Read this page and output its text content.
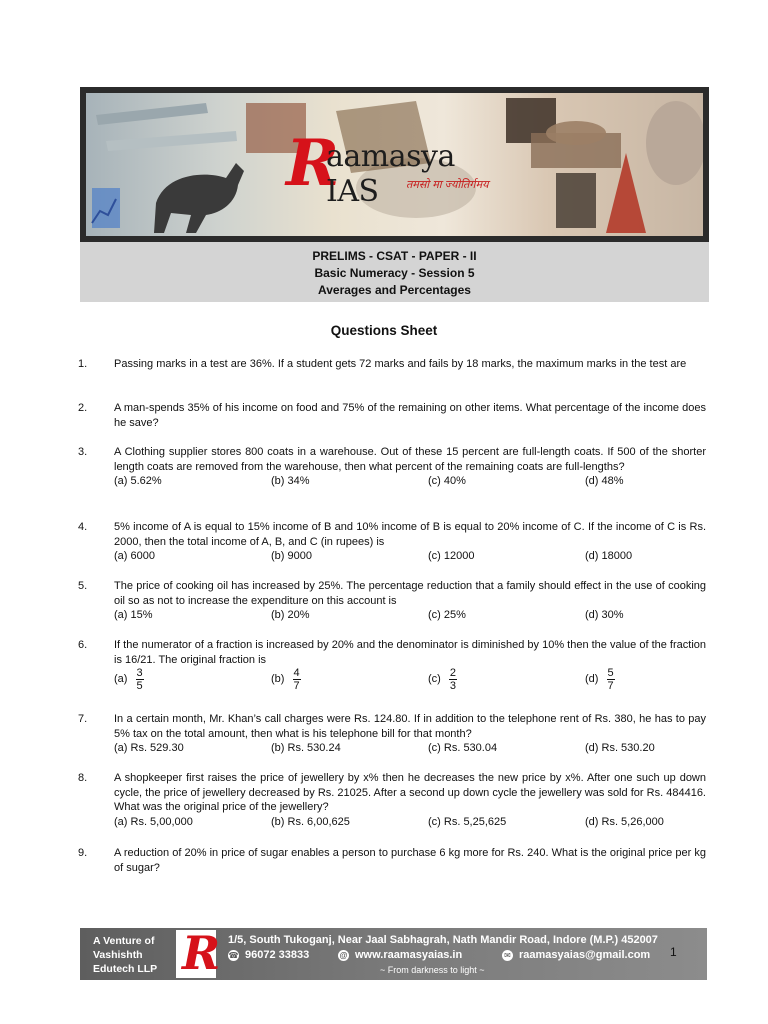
R
aamasya IAS	तमसो मा ज्योतिर्गमय
PRELIMS - CSAT - PAPER - II
Basic Numeracy - Session 5
Averages and Percentages
Questions Sheet
1. Passing marks in a test are 36%. If a student gets 72 marks and fails by 18 marks, the maximum marks in the test are
2. A man-spends 35% of his income on food and 75% of the remaining on other items. What percentage of the income does he save?
3. A Clothing supplier stores 800 coats in a warehouse. Out of these 15 percent are full-length coats. If 500 of the shorter length coats are removed from the warehouse, then what percent of the remaining coats are full-lengths?
(a) 5.62%	(b) 34%	(c) 40%	(d) 48%
4. 5% income of A is equal to 15% income of B and 10% income of B is equal to 20% income of C. If the income of C is Rs. 2000, then the total income of A, B, and C (in rupees) is
(a) 6000	(b) 9000	(c) 12000	(d) 18000
5. The price of cooking oil has increased by 25%. The percentage reduction that a family should effect in the use of cooking oil so as not to increase the expenditure on this account is
(a) 15%	(b) 20%	(c) 25%	(d) 30%
6. If the numerator of a fraction is increased by 20% and the denominator is diminished by 10% then the value of the fraction is 16/21. The original fraction is
$(a) \frac{3}{5}$	$(b) \frac{4}{7}$	$(c) \frac{2}{3}$	$(d) \frac{5}{7}$
7. In a certain month, Mr. Khan’s call charges were Rs. 124.80. If in addition to the telephone rent of Rs. 380, he has to pay 5% tax on the total amount, then what is his telephone bill for that month?
(a) Rs. 529.30	(b) Rs. 530.24	(c) Rs. 530.04	(d) Rs. 530.20
8. A shopkeeper first raises the price of jewellery by x% then he decreases the new price by x%. After one such up down cycle, the price of jewellery decreased by Rs. 21025. After a second up down cycle the jewellery was sold for Rs. 484416. What was the original price of the jewellery?
(a) Rs. 5,00,000	(b) Rs. 6,00,625	(c) Rs. 5,25,625	(d) Rs. 5,26,000
9. A reduction of 20% in price of sugar enables a person to purchase 6 kg more for Rs. 240. What is the original price per kg of sugar?
A Venture of
Vashishth
Edutech LLP R 1/5, South Tukoganj, Near Jaal Sabhagrah, Nath Mandir Road, Indore (M.P.) 452007
☎ 96072 33833	@ www.raamasyaias.in	✉ raamasyaias@gmail.com
~ From darkness to light ~
1
